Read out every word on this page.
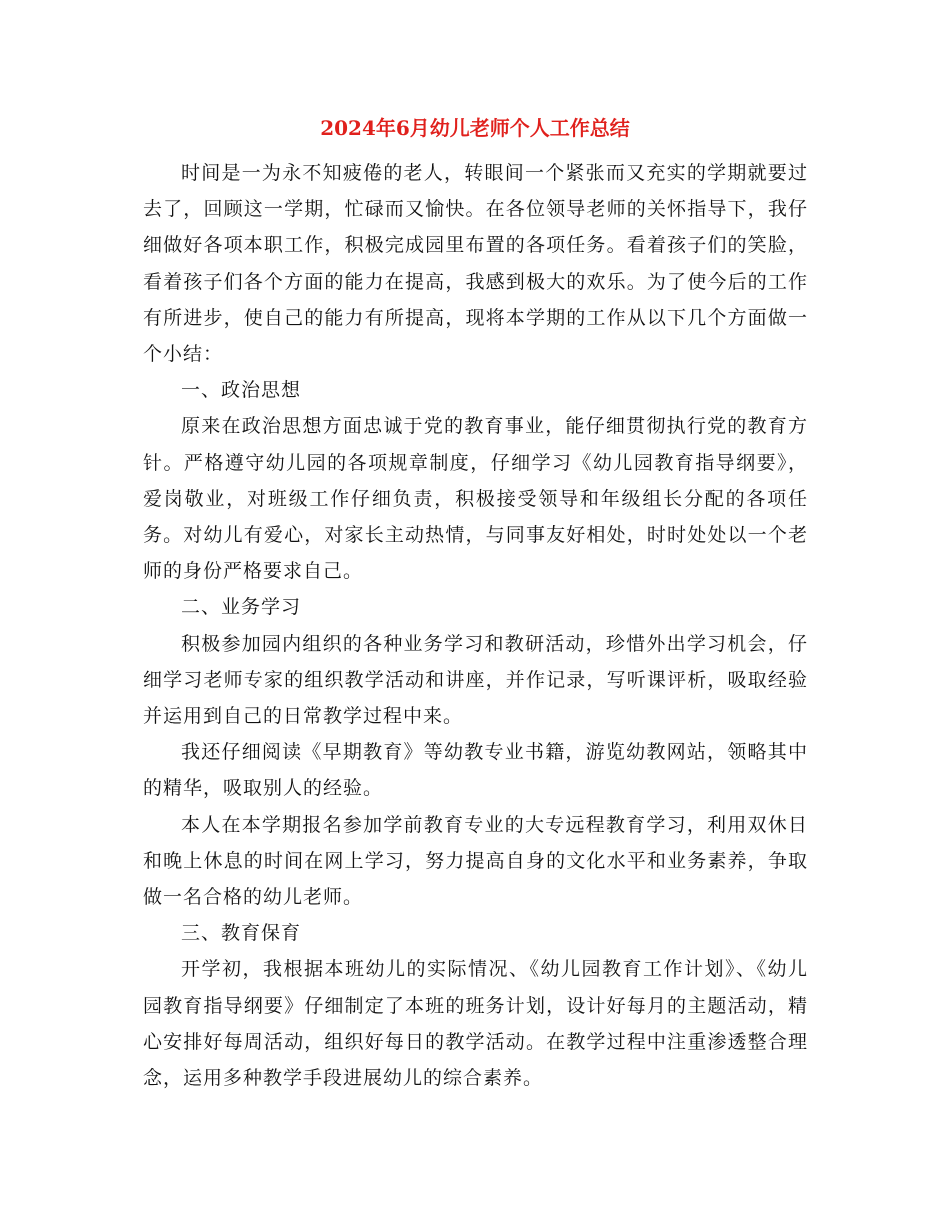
2024年6月幼儿老师个人工作总结

时间是一为永不知疲倦的老人，转眼间一个紧张而又充实的学期就要过去了，回顾这一学期，忙碌而又愉快。在各位领导老师的关怀指导下，我仔细做好各项本职工作，积极完成园里布置的各项任务。看着孩子们的笑脸，看着孩子们各个方面的能力在提高，我感到极大的欢乐。为了使今后的工作有所进步，使自己的能力有所提高，现将本学期的工作从以下几个方面做一个小结：

一、政治思想

原来在政治思想方面忠诚于党的教育事业，能仔细贯彻执行党的教育方针。严格遵守幼儿园的各项规章制度，仔细学习《幼儿园教育指导纲要》，爱岗敬业，对班级工作仔细负责，积极接受领导和年级组长分配的各项任务。对幼儿有爱心，对家长主动热情，与同事友好相处，时时处处以一个老师的身份严格要求自己。

二、业务学习

积极参加园内组织的各种业务学习和教研活动，珍惜外出学习机会，仔细学习老师专家的组织教学活动和讲座，并作记录，写听课评析，吸取经验并运用到自己的日常教学过程中来。

我还仔细阅读《早期教育》等幼教专业书籍，游览幼教网站，领略其中的精华，吸取别人的经验。

本人在本学期报名参加学前教育专业的大专远程教育学习，利用双休日和晚上休息的时间在网上学习，努力提高自身的文化水平和业务素养，争取做一名合格的幼儿老师。

三、教育保育

开学初，我根据本班幼儿的实际情况、《幼儿园教育工作计划》、《幼儿园教育指导纲要》仔细制定了本班的班务计划，设计好每月的主题活动，精心安排好每周活动，组织好每日的教学活动。在教学过程中注重渗透整合理念，运用多种教学手段进展幼儿的综合素养。
